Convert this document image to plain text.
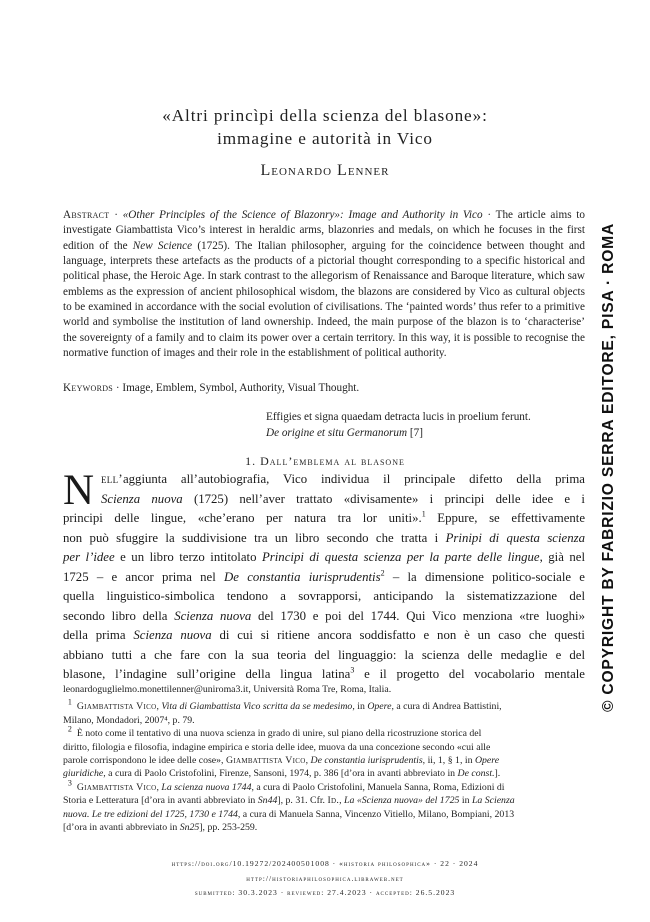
«Altri princìpi della scienza del blasone»:
immagine e autorità in Vico
Leonardo Lenner

Abstract · «Other Principles of the Science of Blazonry»: Image and Authority in Vico · The article aims to investigate Giambattista Vico’s interest in heraldic arms, blazonries and medals, on which he focuses in the first edition of the New Science (1725). The Italian philosopher, arguing for the coincidence between thought and language, interprets these artefacts as the products of a pictorial thought corresponding to a specific historical and political phase, the Heroic Age. In stark contrast to the allegorism of Renaissance and Baroque literature, which saw emblems as the expression of ancient philosophical wisdom, the blazons are considered by Vico as cultural objects to be examined in accordance with the social evolution of civilisations. The ‘painted words’ thus refer to a primitive world and symbolise the institution of land ownership. Indeed, the main purpose of the blazon is to ‘characterise’ the sovereignty of a family and to claim its power over a certain territory. In this way, it is possible to recognise the normative function of images and their role in the establishment of political authority.

Keywords · Image, Emblem, Symbol, Authority, Visual Thought.

Effigies et signa quaedam detracta lucis in proelium ferunt.
De origine et situ Germanorum [7]
1. Dall’emblema al blasone
N ell’aggiunta all’autobiografia, Vico individua il principale difetto della prima
Scienza nuova (1725) nell’aver trattato «divisamente» i principi delle idee e i
principi delle lingue, «che’erano per natura tra lor uniti».$^1$ Eppure, se effettivamente
non può sfuggire la suddivisione tra un libro secondo che tratta i Prinipi di questa scienza
per l’idee e un libro terzo intitolato Principi di questa scienza per la parte delle lingue, già nel
1725 – e ancor prima nel De constantia iurisprudentis$^2$ – la dimensione politico-sociale e
quella linguistico-simbolica tendono a sovrapporsi, anticipando la sistematizzazione del
secondo libro della Scienza nuova del 1730 e poi del 1744. Qui Vico menziona «tre luoghi»
della prima Scienza nuova di cui si ritiene ancora soddisfatto e non è un caso che questi
abbiano tutti a che fare con la sua teoria del linguaggio: la scienza delle medaglie e del
blasone, l’indagine sull’origine della lingua latina$^3$ e il progetto del vocabolario mentale
leonardoguglielmo.monettilenner@uniroma3.it, Università Roma Tre, Roma, Italia.
$^1$ Giambattista Vico, Vita di Giambattista Vico scritta da se medesimo, in Opere, a cura di Andrea Battistini,
Milano, Mondadori, 2007⁴, p. 79.
$^2$ È noto come il tentativo di una nuova scienza in grado di unire, sul piano della ricostruzione storica del
diritto, filologia e filosofia, indagine empirica e storia delle idee, muova da una concezione secondo «cui alle
parole corrispondono le idee delle cose», Giambattista Vico, De constantia iurisprudentis, ii, 1, § 1, in Opere
giuridiche, a cura di Paolo Cristofolini, Firenze, Sansoni, 1974, p. 386 [d’ora in avanti abbreviato in De const.].
$^3$ Giambattista Vico, La scienza nuova 1744, a cura di Paolo Cristofolini, Manuela Sanna, Roma, Edizioni di
Storia e Letteratura [d’ora in avanti abbreviato in Sn44], p. 31. Cfr. Id., La «Scienza nuova» del 1725 in La Scienza
nuova. Le tre edizioni del 1725, 1730 e 1744, a cura di Manuela Sanna, Vincenzo Vitiello, Milano, Bompiani, 2013
[d’ora in avanti abbreviato in Sn25], pp. 253-259.
https://doi.org/10.19272/202400501008 · «historia philosophica» · 22 · 2024
http://historiaphilosophica.libraweb.net
submitted: 30.3.2023 · reviewed: 27.4.2023 · accepted: 26.5.2023
© COPYRIGHT BY FABRIZIO SERRA EDITORE, PISA · ROMA
